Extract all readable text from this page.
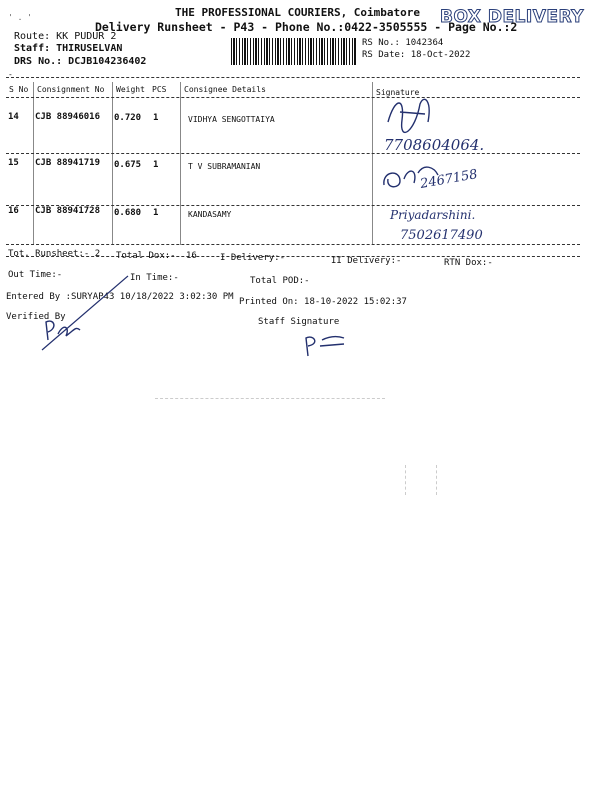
' . '	THE PROFESSIONAL COURIERS, Coimbatore
Delivery Runsheet - P43 - Phone No.:0422-3505555 - Page No.:2
BOX DELIVERY
Route: KK PUDUR 2
Staff: THIRUSELVAN
DRS No.: DCJB104236402
RS No.: 1042364
RS Date: 18-Oct-2022
-
S No Consignment No Weight PCS Consignee Details	Signature
14 CJB 88946016 0.720 1	VIDHYA SENGOTTAIYA
7708604064.
15 CJB 88941719 0.675 1	T V SUBRAMANIAN
2467158
16 CJB 88941728 0.680 1	KANDASAMY	Priyadarshini.
7502617490
Tot. Runsheet:- 2 Total Dox:- 16	I Delivery:-	II Delivery:-	RTN Dox:-
Out Time:-	In Time:-	Total POD:-
Entered By :SURYAP43 10/18/2022 3:02:30 PM Printed On: 18-10-2022 15:02:37
Verified By	Staff Signature
